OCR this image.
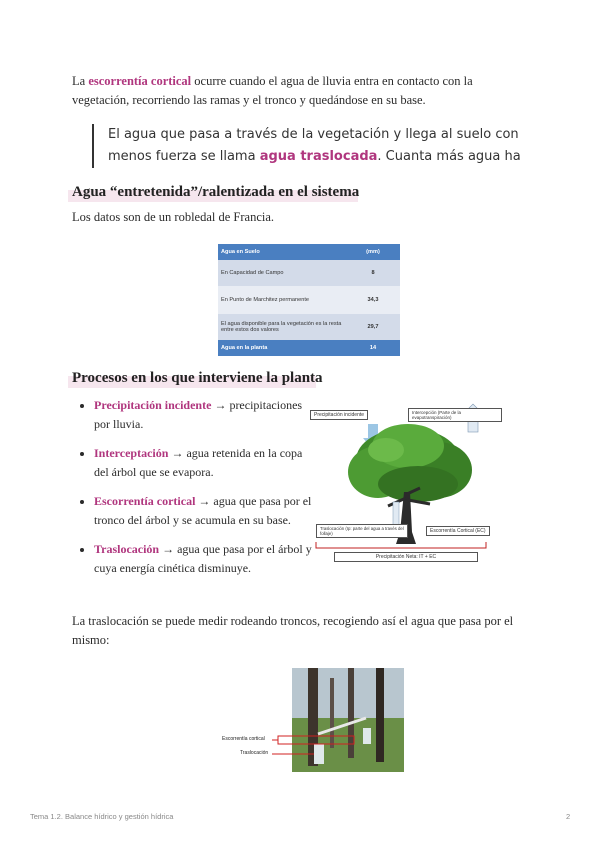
La escorrentía cortical ocurre cuando el agua de lluvia entra en contacto con la vegetación, recorriendo las ramas y el tronco y quedándose en su base.

El agua que pasa a través de la vegetación y llega al suelo con menos fuerza se llama agua traslocada. Cuanta más agua ha
Agua “entretenida”/ralentizada en el sistema

Los datos son de un robledal de Francia.

Agua en Suelo	(mm)
En Capacidad de Campo	8
En Punto de Marchitez permanente	34,3
El agua disponible para la vegetación es la resta entre estos dos valores	29,7
Agua en la planta	14
Procesos en los que interviene la planta
• Precipitación incidente → precipitaciones por lluvia.
• Interceptación → agua retenida en la copa del árbol que se evapora.
• Escorrentía cortical → agua que pasa por el tronco del árbol y se acumula en su base.
• Traslocación → agua que pasa por el árbol y cuya energía cinética disminuye.
Precipitación incidente	Intercepción (Parte de la evapotranspiración)
Traslocación (Ip: parte del agua a través del follaje)	Escorrentía Cortical (EC)
Precipitación Neta: IT + EC

La traslocación se puede medir rodeando troncos, recogiendo así el agua que pasa por el mismo:

Escorrentía cortical
Traslocación
Tema 1.2. Balance hídrico y gestión hídrica	2
